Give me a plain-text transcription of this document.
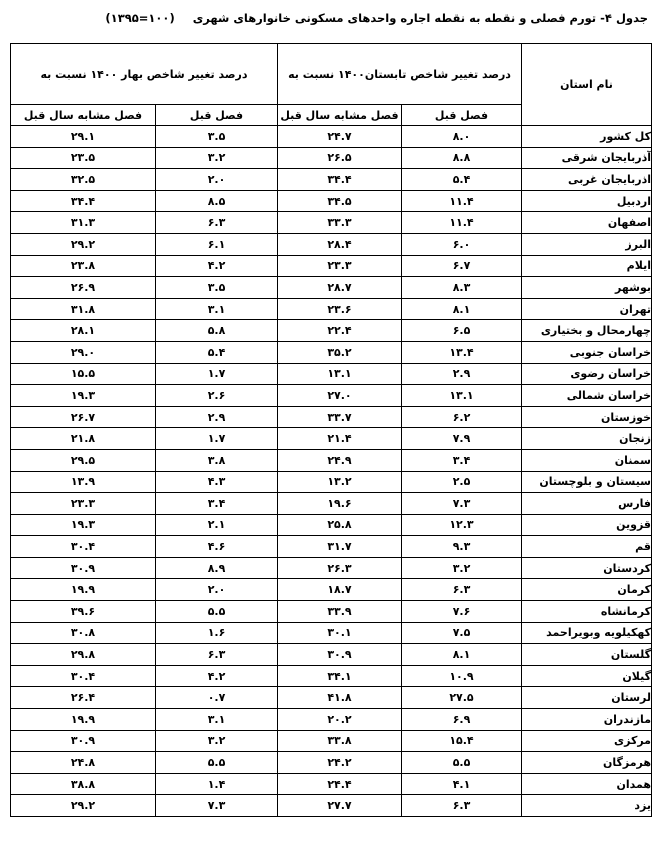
جدول ۴- تورم فصلی و نقطه به نقطه اجاره واحدهای مسکونی خانوارهای شهری (۱۰۰=۱۳۹۵)
نام استان	درصد تغییر شاخص تابستان۱۴۰۰ نسبت به		درصد تغییر شاخص بهار ۱۴۰۰ نسبت به	
	فصل قبل	فصل مشابه سال قبل	فصل قبل	فصل مشابه سال قبل
کل کشور	۸.۰	۲۴.۷	۳.۵	۲۹.۱
آذربایجان شرقی	۸.۸	۲۶.۵	۳.۲	۲۳.۵
اذربایجان غربی	۵.۴	۳۴.۴	۲.۰	۳۲.۵
اردبیل	۱۱.۴	۳۴.۵	۸.۵	۳۴.۴
اصفهان	۱۱.۴	۳۳.۳	۶.۳	۳۱.۳
البرز	۶.۰	۲۸.۴	۶.۱	۲۹.۲
ایلام	۶.۷	۲۳.۳	۴.۲	۲۳.۸
بوشهر	۸.۳	۲۸.۷	۳.۵	۲۶.۹
تهران	۸.۱	۲۳.۶	۳.۱	۳۱.۸
چهارمحال و بختیاری	۶.۵	۲۲.۴	۵.۸	۲۸.۱
خراسان جنوبی	۱۳.۴	۳۵.۲	۵.۴	۲۹.۰
خراسان رضوی	۲.۹	۱۳.۱	۱.۷	۱۵.۵
خراسان شمالی	۱۳.۱	۲۷.۰	۲.۶	۱۹.۳
خوزستان	۶.۲	۳۳.۷	۲.۹	۲۶.۷
زنجان	۷.۹	۲۱.۴	۱.۷	۲۱.۸
سمنان	۳.۴	۲۴.۹	۳.۸	۲۹.۵
سیستان و بلوچستان	۲.۵	۱۳.۲	۴.۳	۱۳.۹
فارس	۷.۳	۱۹.۶	۳.۴	۲۳.۳
قزوین	۱۲.۳	۲۵.۸	۲.۱	۱۹.۳
قم	۹.۳	۳۱.۷	۴.۶	۳۰.۴
کردستان	۳.۲	۲۶.۳	۸.۹	۳۰.۹
کرمان	۶.۳	۱۸.۷	۲.۰	۱۹.۹
کرمانشاه	۷.۶	۳۳.۹	۵.۵	۳۹.۶
کهکیلویه وبویراحمد	۷.۵	۳۰.۱	۱.۶	۳۰.۸
گلستان	۸.۱	۳۰.۹	۶.۳	۲۹.۸
گیلان	۱۰.۹	۳۴.۱	۴.۲	۳۰.۴
لرستان	۲۷.۵	۴۱.۸	۰.۷	۲۶.۴
مازندران	۶.۹	۲۰.۲	۳.۱	۱۹.۹
مرکزی	۱۵.۴	۳۳.۸	۳.۲	۳۰.۹
هرمزگان	۵.۵	۲۴.۲	۵.۵	۲۴.۸
همدان	۴.۱	۲۴.۴	۱.۴	۳۸.۸
یزد	۶.۳	۲۷.۷	۷.۳	۲۹.۲
